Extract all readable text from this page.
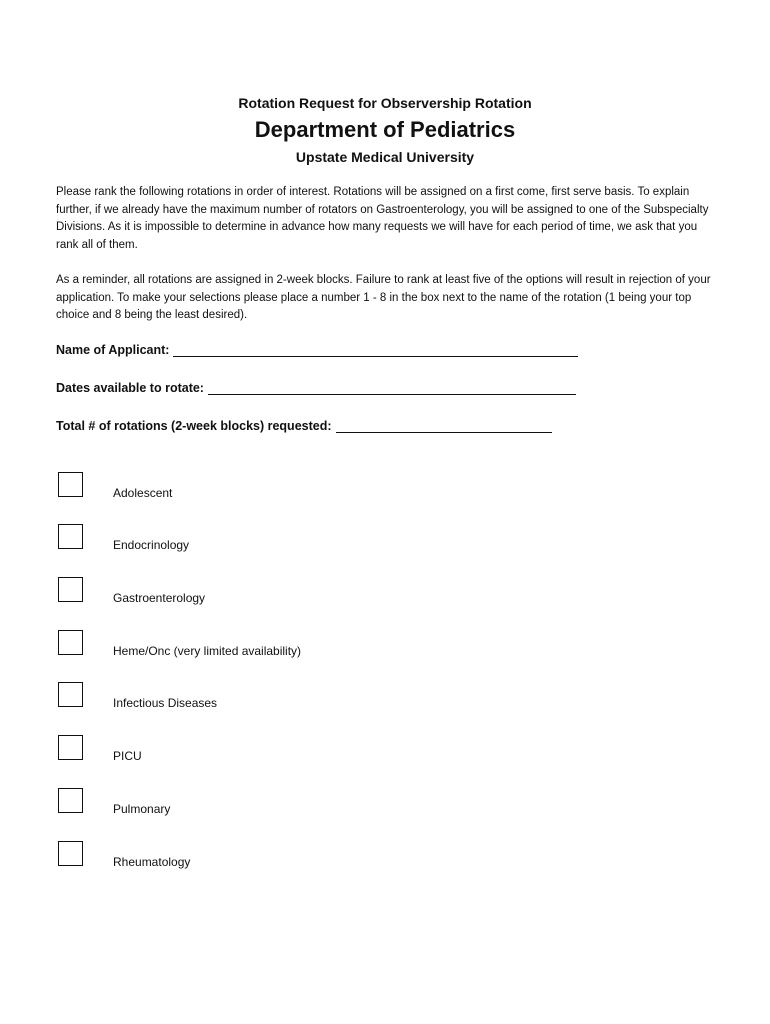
Rotation Request for Observership Rotation
Department of Pediatrics
Upstate Medical University

Please rank the following rotations in order of interest. Rotations will be assigned on a first come, first serve basis. To explain further, if we already have the maximum number of rotators on Gastroenterology, you will be assigned to one of the Subspecialty Divisions. As it is impossible to determine in advance how many requests we will have for each period of time, we ask that you rank all of them.

As a reminder, all rotations are assigned in 2-week blocks. Failure to rank at least five of the options will result in rejection of your application. To make your selections please place a number 1 - 8 in the box next to the name of the rotation (1 being your top choice and 8 being the least desired).

Name of Applicant:
Dates available to rotate:
Total # of rotations (2-week blocks) requested:
Adolescent
Endocrinology
Gastroenterology
Heme/Onc (very limited availability)
Infectious Diseases
PICU
Pulmonary
Rheumatology
